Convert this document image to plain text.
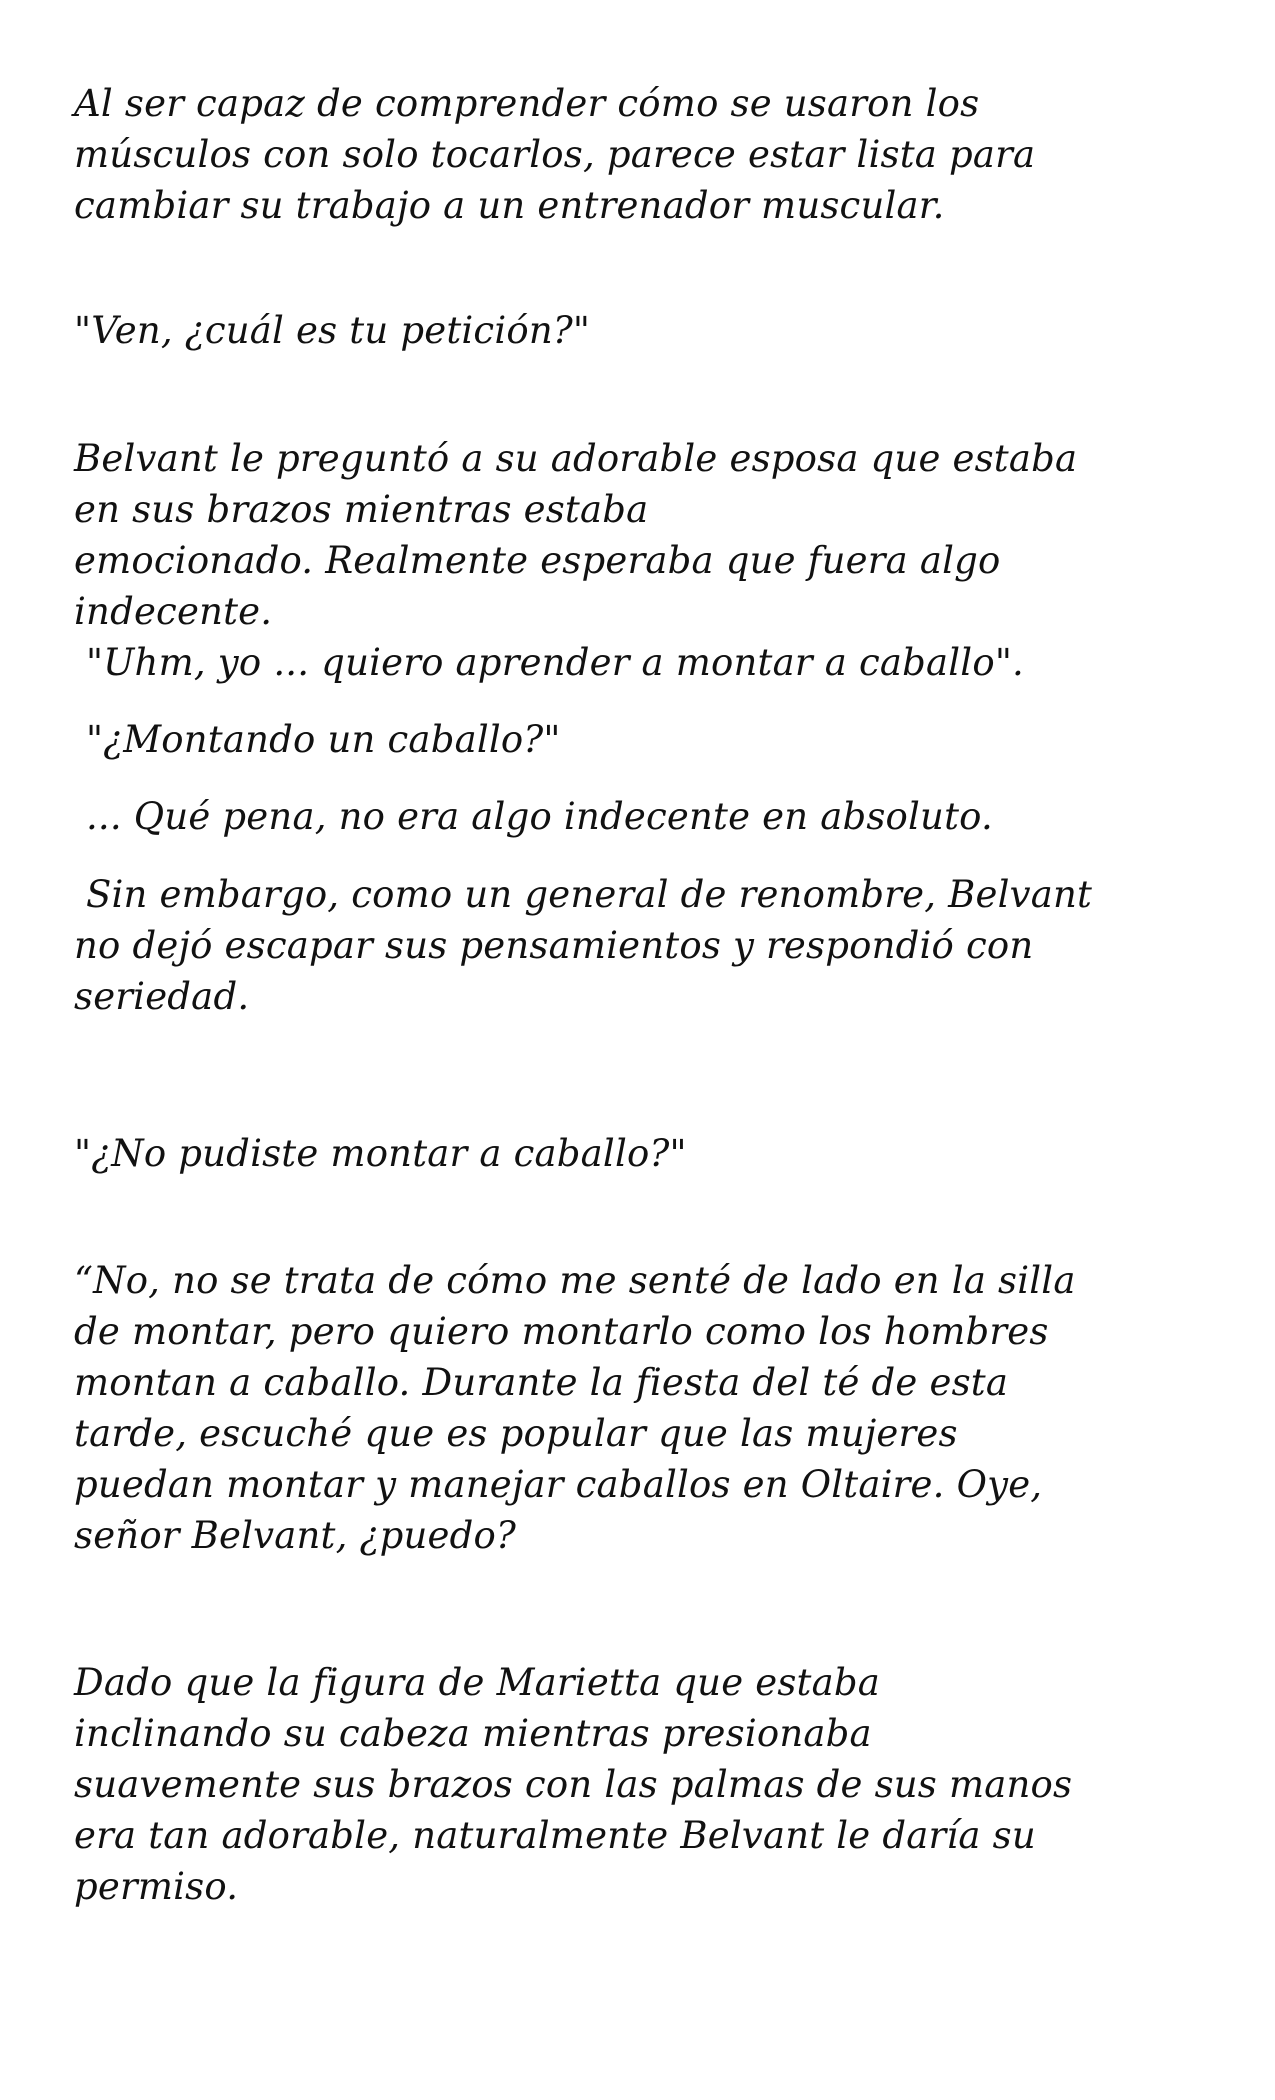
Al ser capaz de comprender cómo se usaron los
músculos con solo tocarlos, parece estar lista para
cambiar su trabajo a un entrenador muscular.

"Ven, ¿cuál es tu petición?"

Belvant le preguntó a su adorable esposa que estaba
en sus brazos mientras estaba
emocionado. Realmente esperaba que fuera algo
indecente.

"Uhm, yo ... quiero aprender a montar a caballo".

"¿Montando un caballo?"

... Qué pena, no era algo indecente en absoluto.

Sin embargo, como un general de renombre, Belvant
no dejó escapar sus pensamientos y respondió con
seriedad.

"¿No pudiste montar a caballo?"

“No, no se trata de cómo me senté de lado en la silla
de montar, pero quiero montarlo como los hombres
montan a caballo. Durante la fiesta del té de esta
tarde, escuché que es popular que las mujeres
puedan montar y manejar caballos en Oltaire. Oye,
señor Belvant, ¿puedo?

Dado que la figura de Marietta que estaba
inclinando su cabeza mientras presionaba
suavemente sus brazos con las palmas de sus manos
era tan adorable, naturalmente Belvant le daría su
permiso.
